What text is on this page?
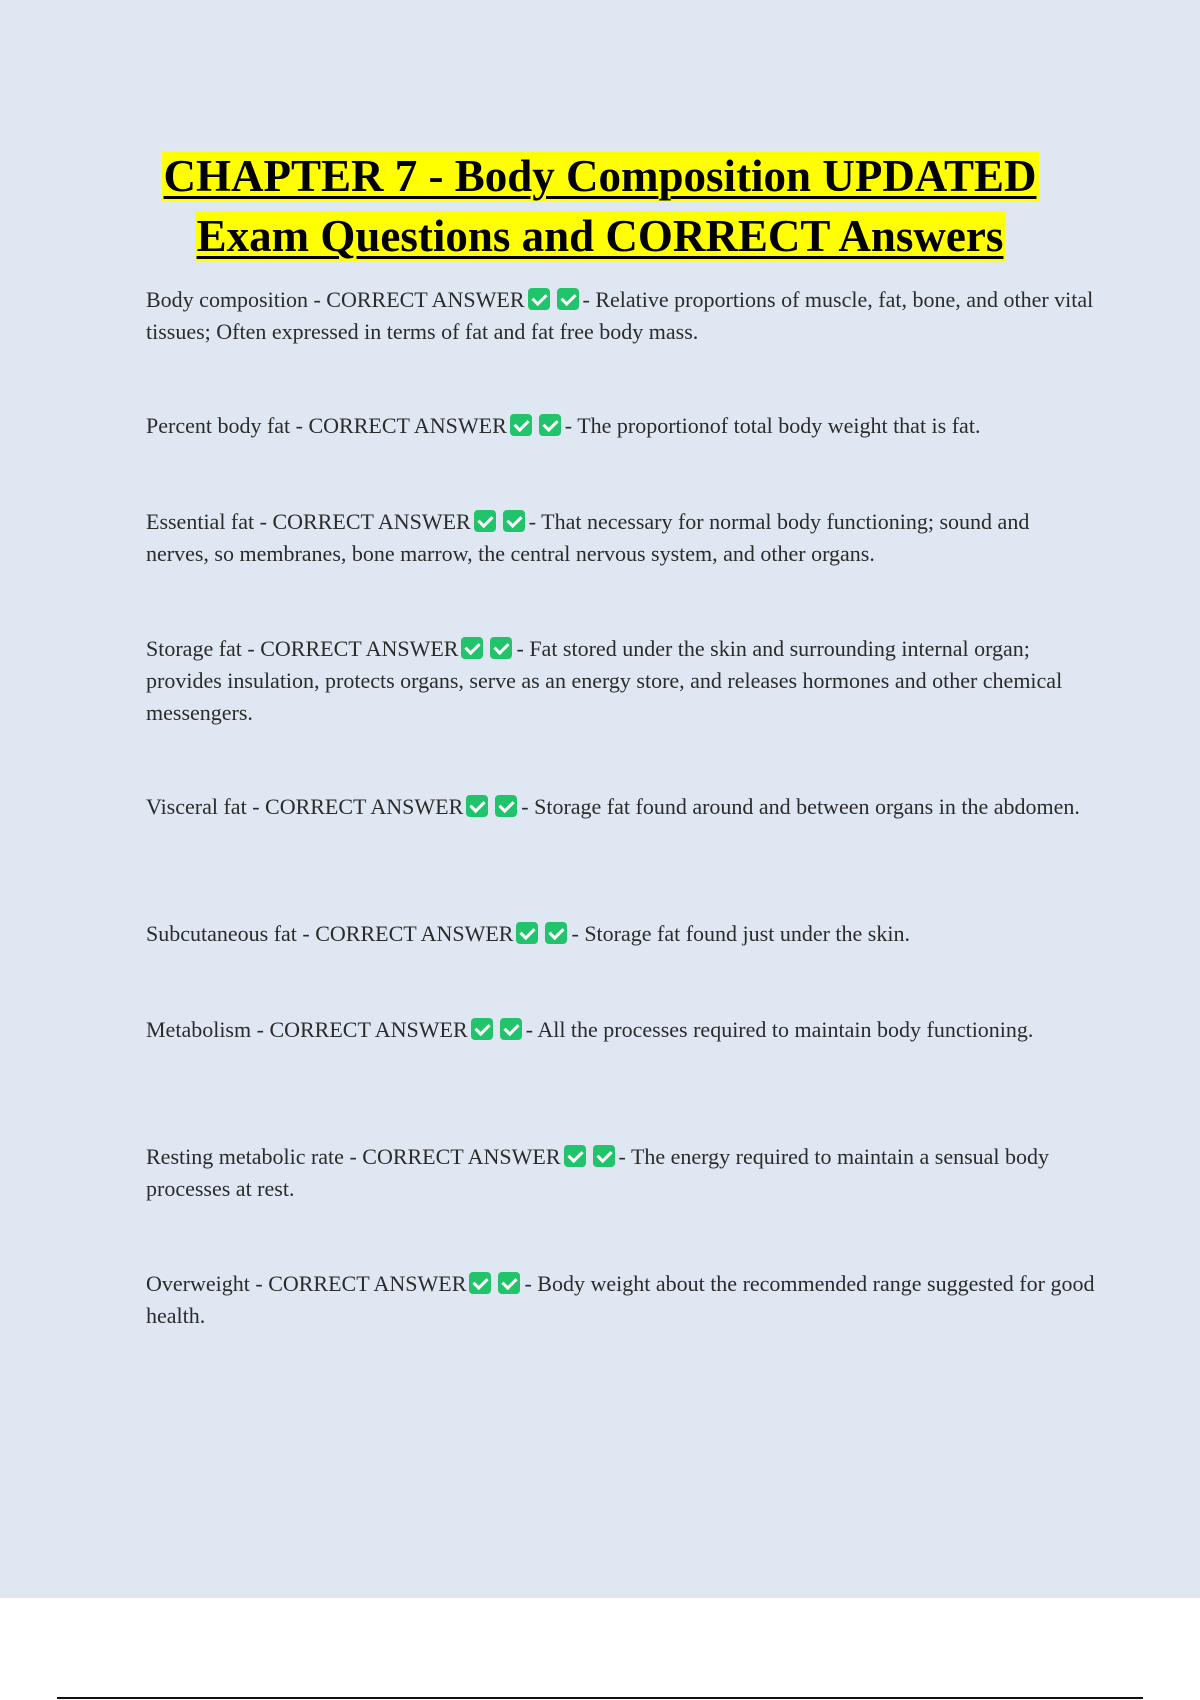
CHAPTER 7 - Body Composition UPDATED
Exam Questions and CORRECT Answers
Body composition - CORRECT ANSWER	- Relative proportions of muscle, fat, bone, and other vital tissues; Often expressed in terms of fat and fat free body mass.
Percent body fat - CORRECT ANSWER	- The proportionof total body weight that is fat.
Essential fat - CORRECT ANSWER	- That necessary for normal body functioning; sound and nerves, so membranes, bone marrow, the central nervous system, and other organs.
Storage fat - CORRECT ANSWER	- Fat stored under the skin and surrounding internal organ; provides insulation, protects organs, serve as an energy store, and releases hormones and other chemical messengers.
Visceral fat - CORRECT ANSWER	- Storage fat found around and between organs in the abdomen.
Subcutaneous fat - CORRECT ANSWER	- Storage fat found just under the skin.
Metabolism - CORRECT ANSWER	- All the processes required to maintain body functioning.
Resting metabolic rate - CORRECT ANSWER	- The energy required to maintain a sensual body processes at rest.
Overweight - CORRECT ANSWER	- Body weight about the recommended range suggested for good health.
